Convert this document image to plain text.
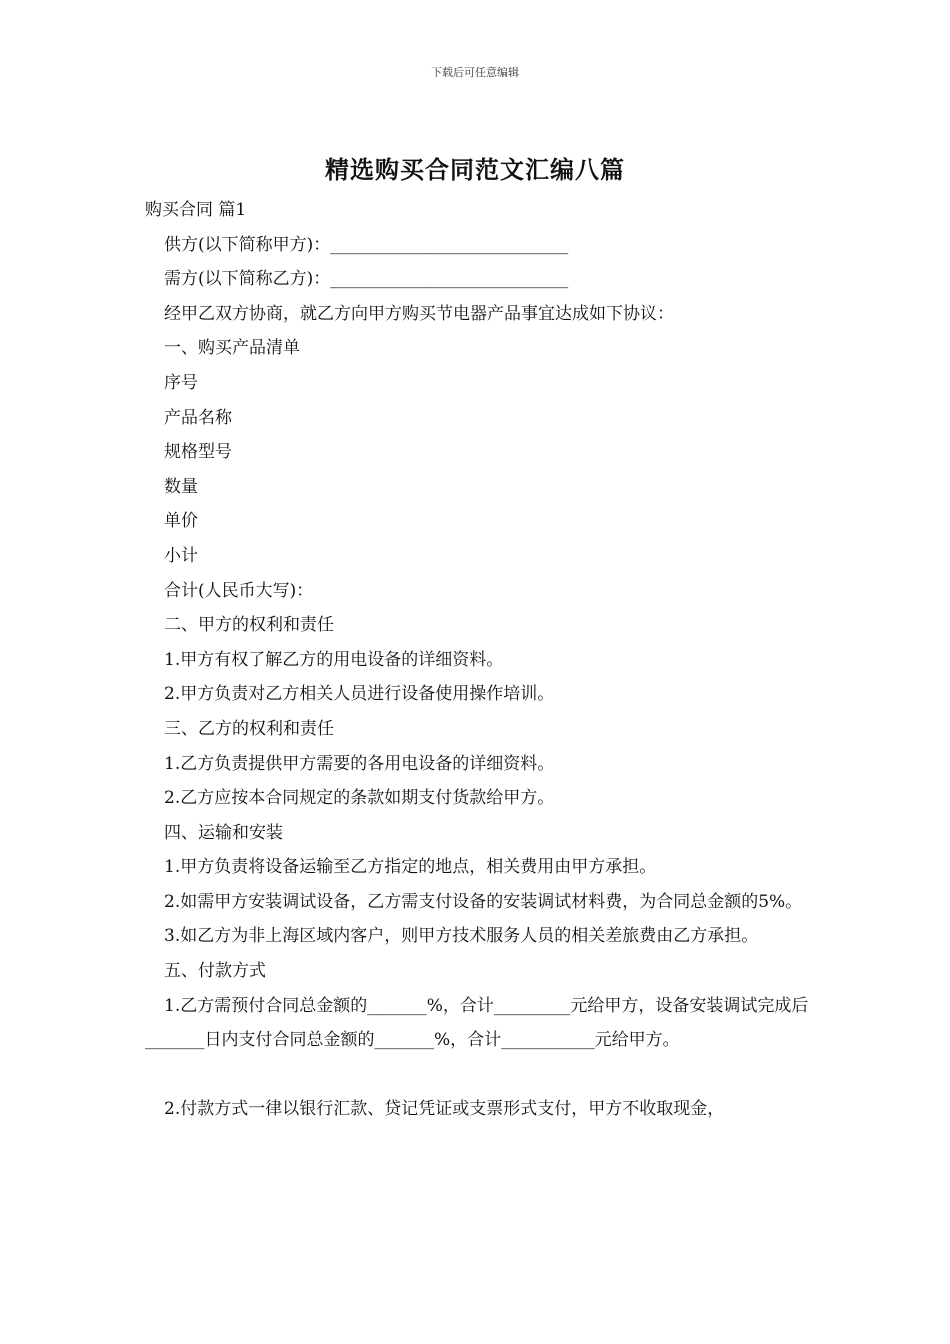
下载后可任意编辑
精选购买合同范文汇编八篇

购买合同 篇1

供方(以下简称甲方)：____________________________

需方(以下简称乙方)：____________________________

经甲乙双方协商，就乙方向甲方购买节电器产品事宜达成如下协议：

一、购买产品清单

序号

产品名称

规格型号

数量

单价

小计

合计(人民币大写)：

二、甲方的权利和责任

1.甲方有权了解乙方的用电设备的详细资料。

2.甲方负责对乙方相关人员进行设备使用操作培训。

三、乙方的权利和责任

1.乙方负责提供甲方需要的各用电设备的详细资料。

2.乙方应按本合同规定的条款如期支付货款给甲方。

四、运输和安装

1.甲方负责将设备运输至乙方指定的地点，相关费用由甲方承担。

2.如需甲方安装调试设备，乙方需支付设备的安装调试材料费，为合同总金额的5%。

3.如乙方为非上海区域内客户，则甲方技术服务人员的相关差旅费由乙方承担。

五、付款方式

1.乙方需预付合同总金额的_______%，合计_________元给甲方，设备安装调试完成后_______日内支付合同总金额的_______%，合计___________元给甲方。

2.付款方式一律以银行汇款、贷记凭证或支票形式支付，甲方不收取现金，
